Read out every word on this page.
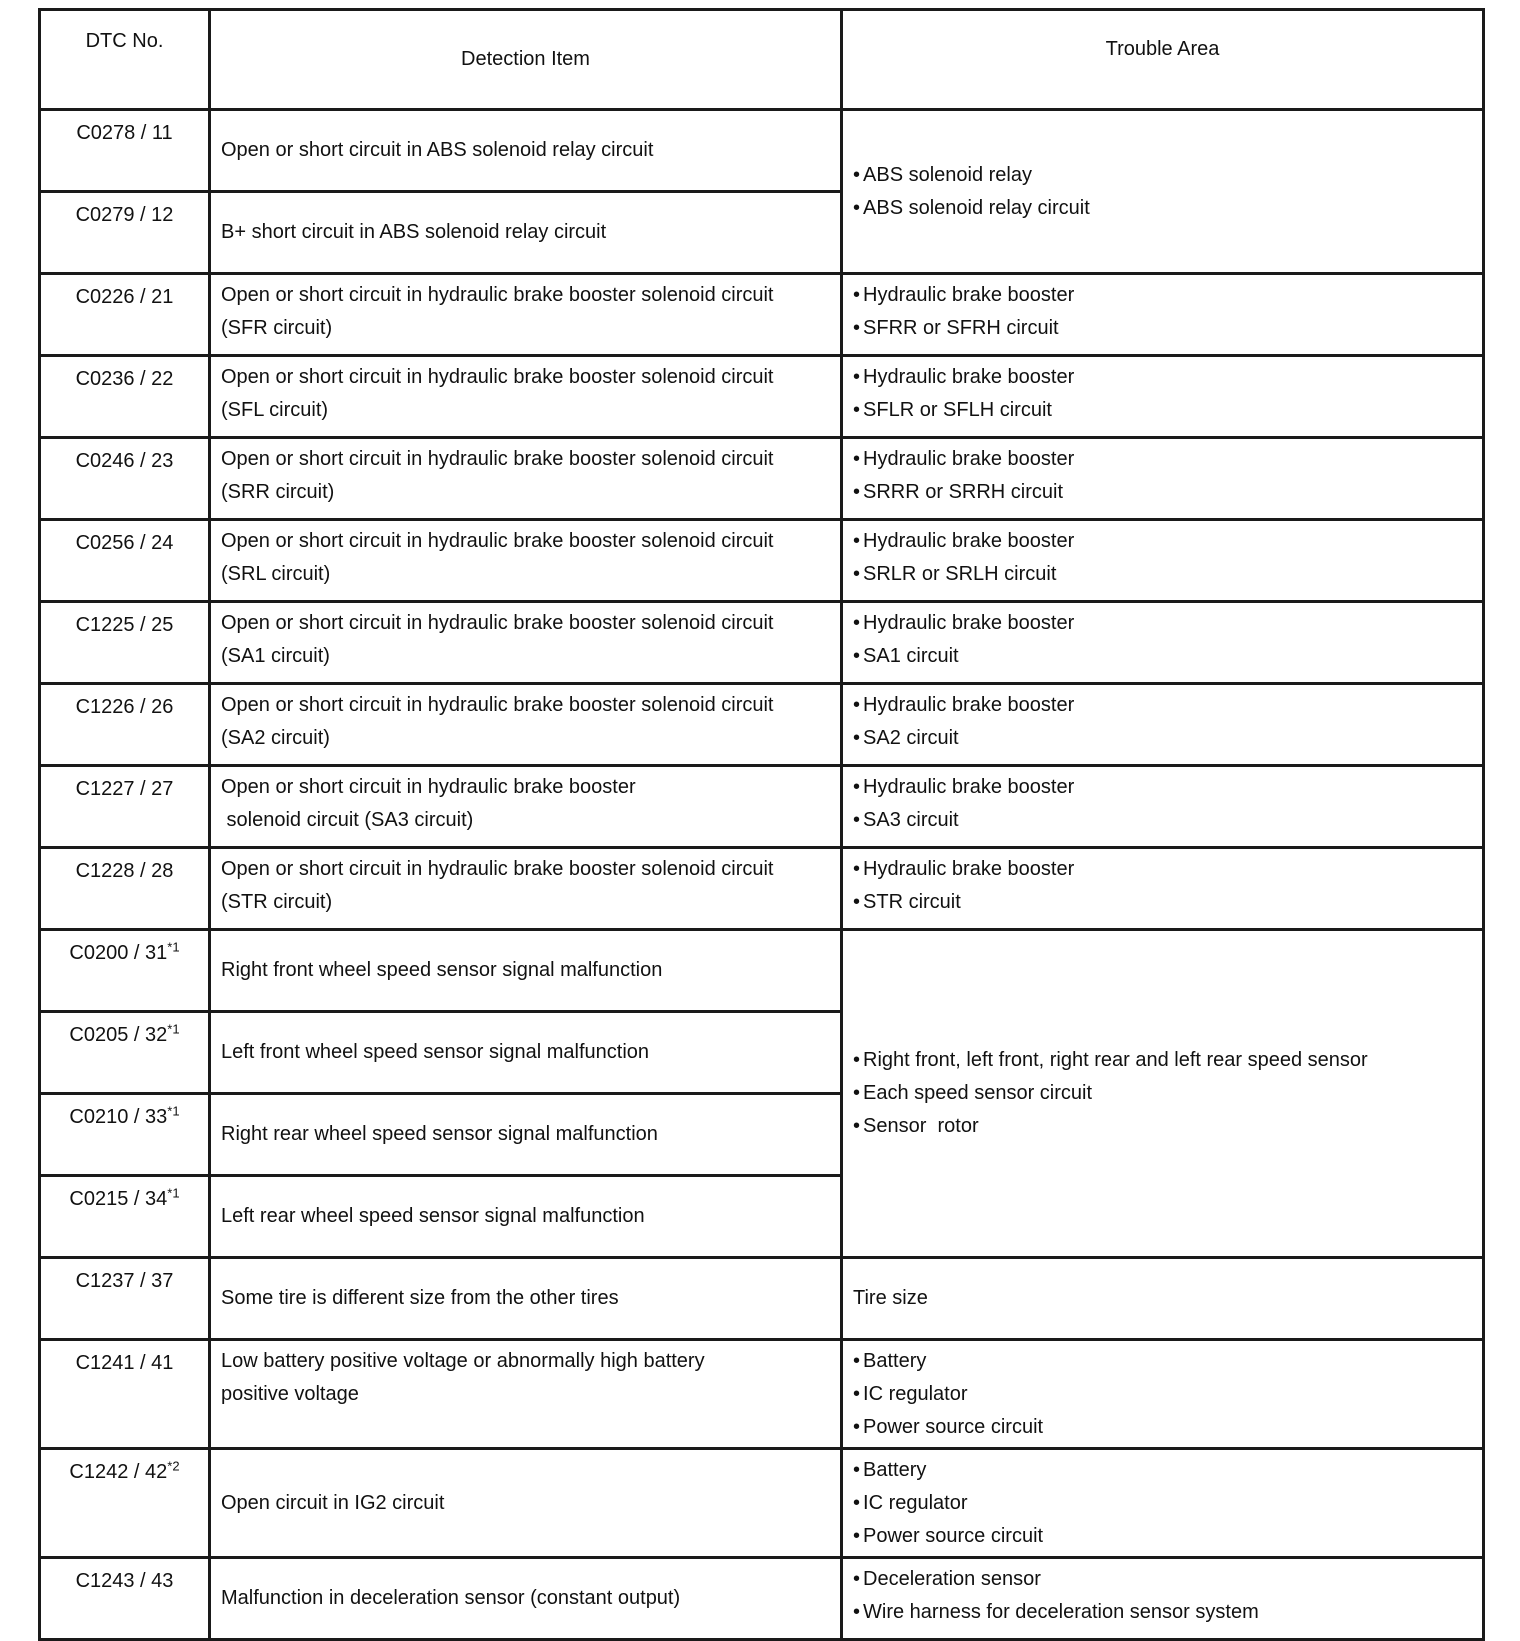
DTC No.	Detection Item	Trouble Area
C0278 / 11	Open or short circuit in ABS solenoid relay circuit	• ABS solenoid relay
• ABS solenoid relay circuit

C0279 / 12	B+ short circuit in ABS solenoid relay circuit	

C0226 / 21	Open or short circuit in hydraulic brake booster solenoid circuit
(SFR circuit)	• Hydraulic brake booster
• SFRR or SFRH circuit

C0236 / 22	Open or short circuit in hydraulic brake booster solenoid circuit
(SFL circuit)	• Hydraulic brake booster
• SFLR or SFLH circuit

C0246 / 23	Open or short circuit in hydraulic brake booster solenoid circuit
(SRR circuit)	• Hydraulic brake booster
• SRRR or SRRH circuit

C0256 / 24	Open or short circuit in hydraulic brake booster solenoid circuit
(SRL circuit)	• Hydraulic brake booster
• SRLR or SRLH circuit

C1225 / 25	Open or short circuit in hydraulic brake booster solenoid circuit
(SA1 circuit)	• Hydraulic brake booster
• SA1 circuit

C1226 / 26	Open or short circuit in hydraulic brake booster solenoid circuit
(SA2 circuit)	• Hydraulic brake booster
• SA2 circuit

C1227 / 27	Open or short circuit in hydraulic brake booster
solenoid circuit (SA3 circuit)	• Hydraulic brake booster
• SA3 circuit

C1228 / 28	Open or short circuit in hydraulic brake booster solenoid circuit
(STR circuit)	• Hydraulic brake booster
• STR circuit

C0200 / 31$^{*1}$	Right front wheel speed sensor signal malfunction	• Right front, left front, right rear and left rear speed sensor
• Each speed sensor circuit
• Sensor  rotor

C0205 / 32$^{*1}$	Left front wheel speed sensor signal malfunction	

C0210 / 33$^{*1}$	Right rear wheel speed sensor signal malfunction	

C0215 / 34$^{*1}$	Left rear wheel speed sensor signal malfunction	

C1237 / 37	Some tire is different size from the other tires	Tire size

C1241 / 41	Low battery positive voltage or abnormally high battery
positive voltage	• Battery
• IC regulator
• Power source circuit

C1242 / 42$^{*2}$	Open circuit in IG2 circuit	• Battery
• IC regulator
• Power source circuit

C1243 / 43	Malfunction in deceleration sensor (constant output)	• Deceleration sensor
• Wire harness for deceleration sensor system
